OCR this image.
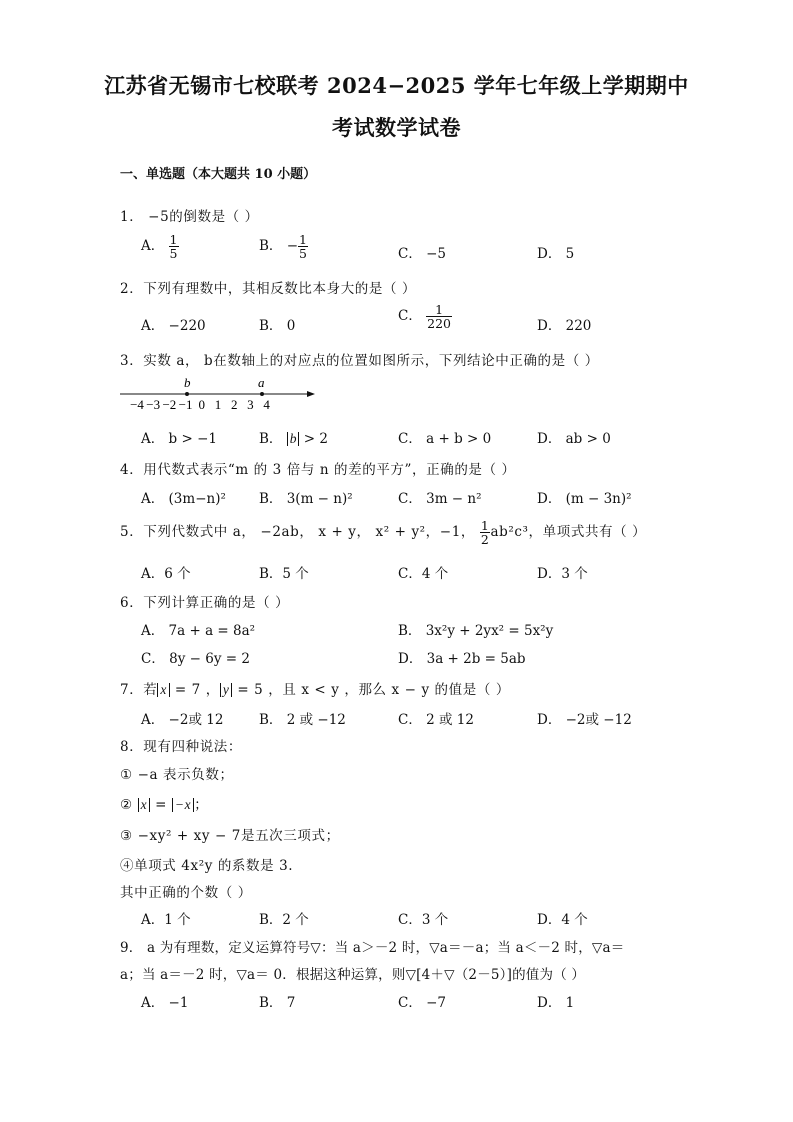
江苏省无锡市七校联考 2024−2025 学年七年级上学期期中
考试数学试卷
一、单选题（本大题共 10 小题）
1． −5的倒数是（ ）
A． $\frac{1}{5}$	B． − $\frac{1}{5}$	C． −5	D． 5
2．下列有理数中，其相反数比本身大的是（ ）
A． −220	B． 0
C． $\frac{1}{220}$	D． 220
3．实数 a， b在数轴上的对应点的位置如图所示，下列结论中正确的是（ ）
−4 −3 −2 −1 0 1 2 3 4
b	a
A． b > −1	B． b > 2	C． a + b > 0	D． ab > 0
4．用代数式表示“m 的 3 倍与 n 的差的平方”，正确的是（ ）
A． (3m−n)² B． 3(m − n)²	C． 3m − n²	D． (m − 3n)²
5．下列代数式中 a， −2ab， x + y， x² + y²，−1， $\frac{1}{2} ab^2c^3$，单项式共有（ ）
A．6 个	B．5 个	C．4 个	D．3 个
6．下列计算正确的是（ ）
A． 7a + a = 8a²	B． 3x²y + 2yx² = 5x²y
C． 8y − 6y = 2	D． 3a + 2b = 5ab
7．若 x = 7 ， y = 5 ，且 x < y ，那么 x − y 的值是（ ）
A． −2或 12	B． 2 或 −12	C． 2 或 12	D． −2或 −12
8．现有四种说法：
① −a 表示负数；
② x = −x ；
③ −xy² + xy − 7是五次三项式；
④单项式 4x²y 的系数是 3.
其中正确的个数（ ）
A．1 个	B．2 个	C．3 个	D．4 个
9． a 为有理数，定义运算符号▽：当 a＞－2 时，▽a＝－a；当 a＜－2 时，▽a＝
a；当 a＝－2 时，▽a＝ 0．根据这种运算，则▽[4＋▽（2－5）]的值为（ ）
A． −1	B． 7	C． −7	D． 1
